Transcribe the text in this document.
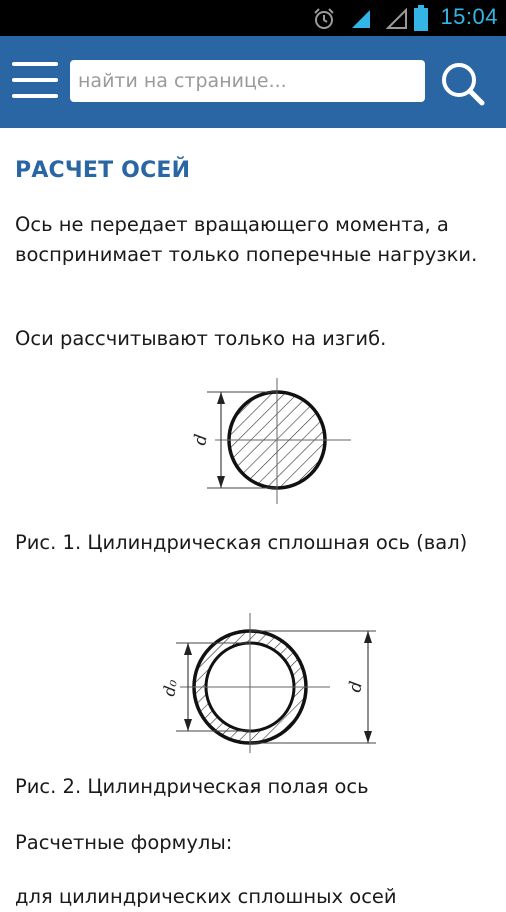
15:04
найти на странице...
РАСЧЕТ ОСЕЙ

Ось не передает вращающего момента, а воспринимает только поперечные нагрузки.

Оси рассчитывают только на изгиб.

d

Рис. 1. Цилиндрическая сплошная ось (вал)

d₀	d

Рис. 2. Цилиндрическая полая ось

Расчетные формулы:

для цилиндрических сплошных осей
